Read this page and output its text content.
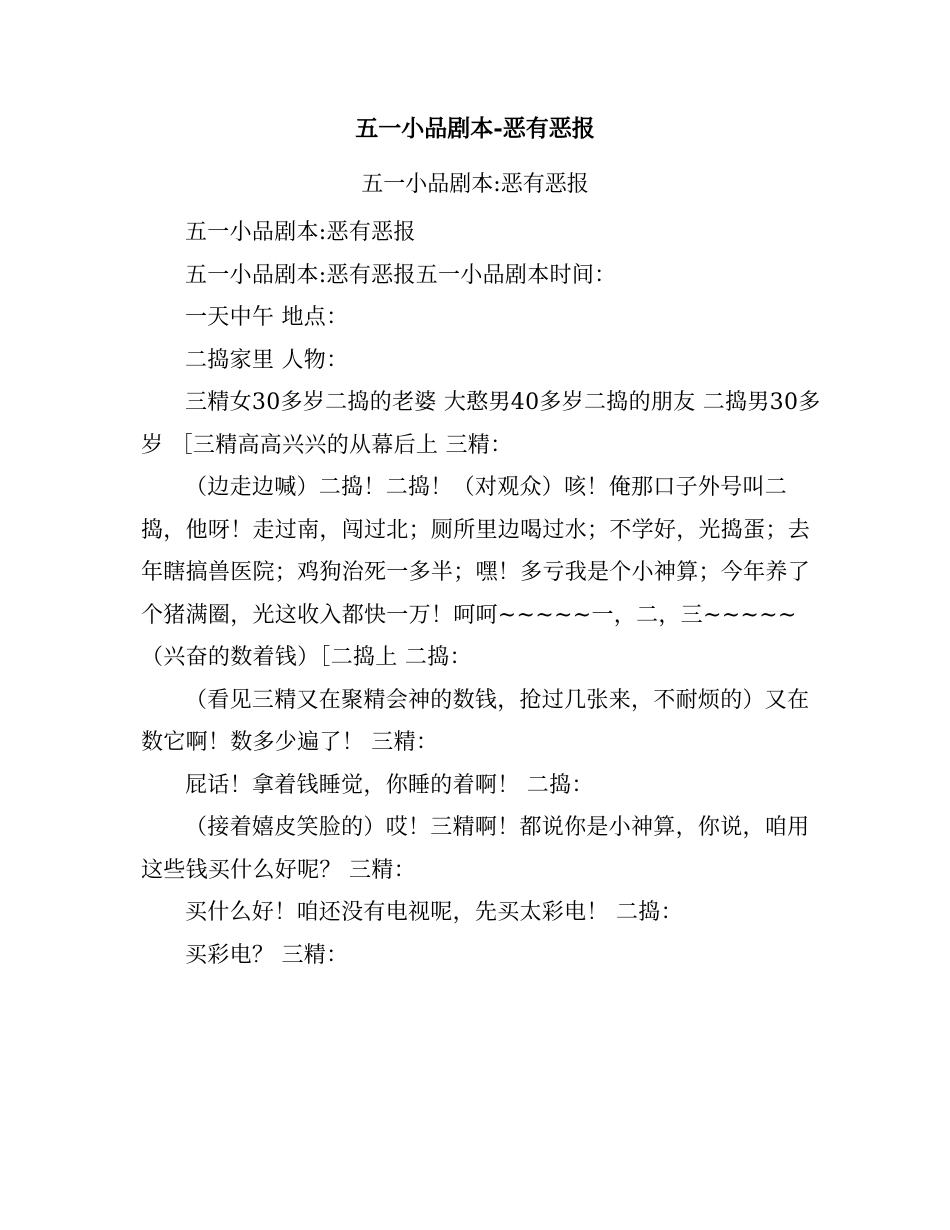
五一小品剧本-恶有恶报
五一小品剧本:恶有恶报

五一小品剧本:恶有恶报

五一小品剧本:恶有恶报五一小品剧本时间：

一天中午 地点：

二捣家里 人物：

三精女30多岁二捣的老婆 大憨男40多岁二捣的朋友 二捣男30多岁 ［三精高高兴兴的从幕后上 三精：

（边走边喊）二捣！二捣！（对观众）咳！俺那口子外号叫二捣，他呀！走过南，闯过北；厕所里边喝过水；不学好，光捣蛋；去年瞎搞兽医院；鸡狗治死一多半；嘿！多亏我是个小神算；今年养了个猪满圈，光这收入都快一万！呵呵~~~~~一，二，三~~~~~（兴奋的数着钱）［二捣上 二捣：

（看见三精又在聚精会神的数钱，抢过几张来，不耐烦的）又在数它啊！数多少遍了！ 三精：

屁话！拿着钱睡觉，你睡的着啊！ 二捣：

（接着嬉皮笑脸的）哎！三精啊！都说你是小神算，你说，咱用这些钱买什么好呢？ 三精：

买什么好！咱还没有电视呢，先买太彩电！ 二捣：

买彩电？ 三精：
